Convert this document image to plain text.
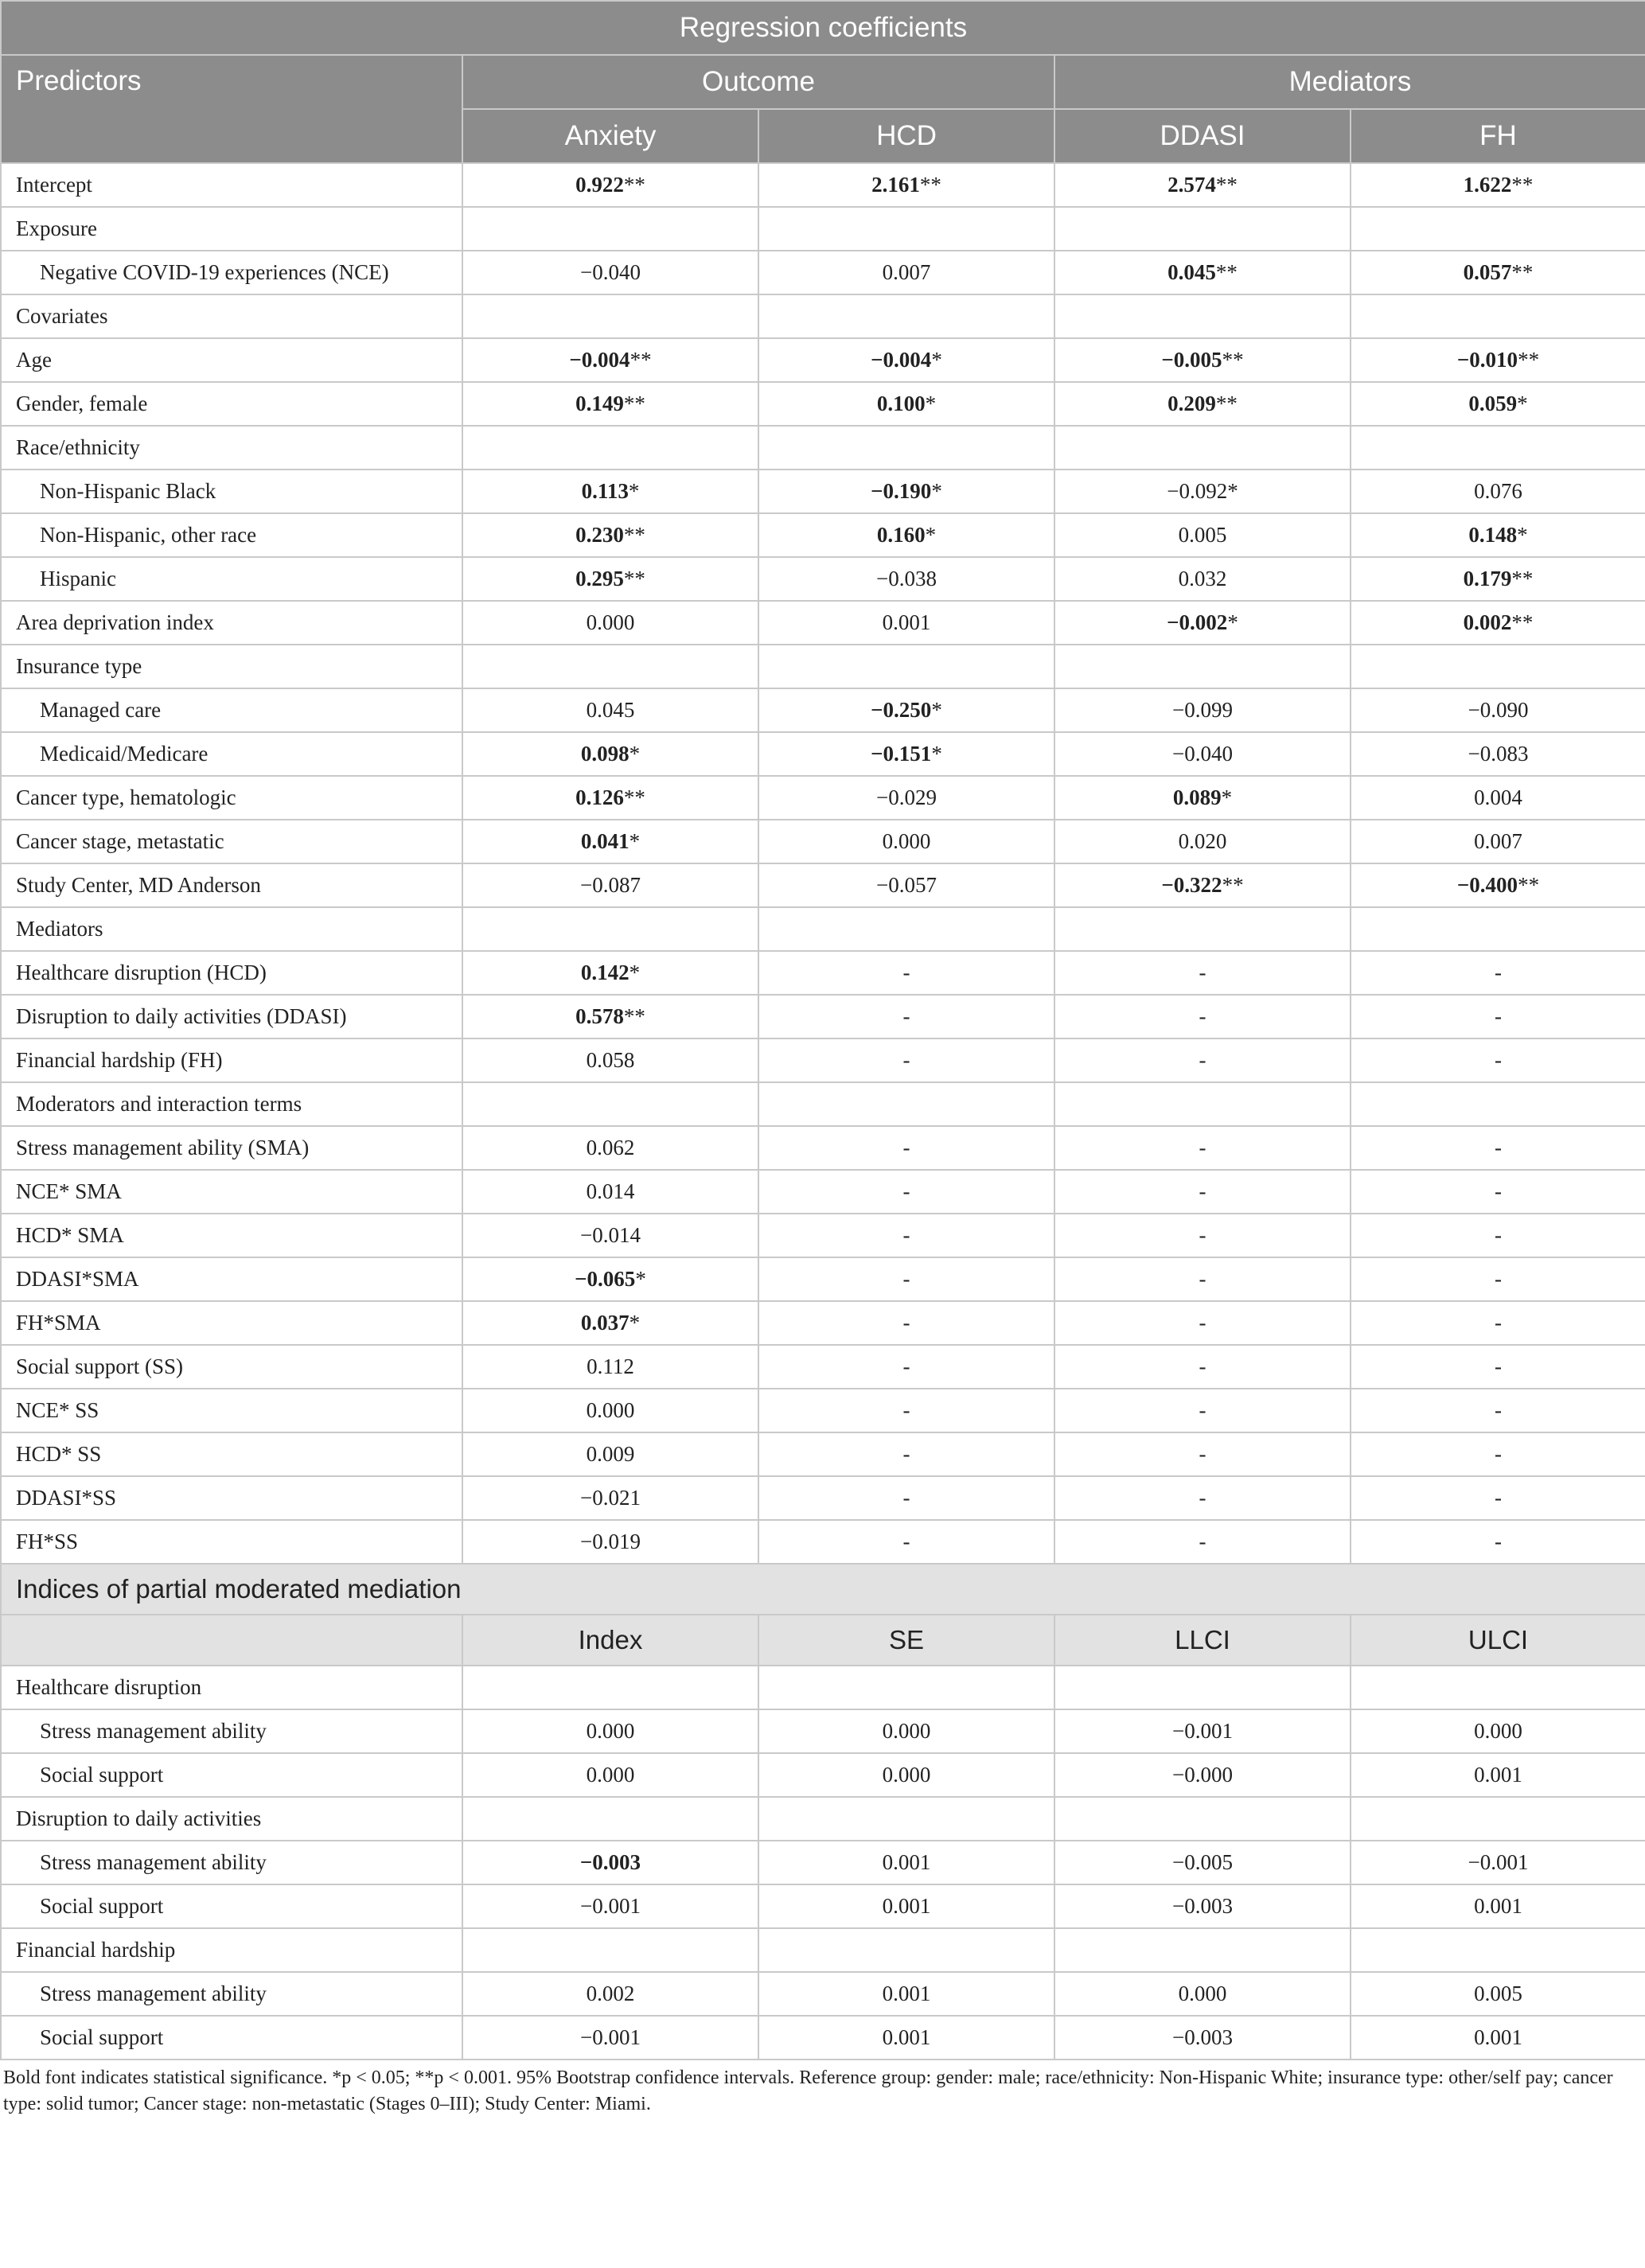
Regression coefficients				
Predictors	Outcome		Mediators	
	Anxiety	HCD	DDASI	FH
Intercept	0.922**	2.161**	2.574**	1.622**
Exposure				
Negative COVID-19 experiences (NCE)	−0.040	0.007	0.045**	0.057**
Covariates				
Age	−0.004**	−0.004*	−0.005**	−0.010**
Gender, female	0.149**	0.100*	0.209**	0.059*
Race/ethnicity				
Non-Hispanic Black	0.113*	−0.190*	−0.092*	0.076
Non-Hispanic, other race	0.230**	0.160*	0.005	0.148*
Hispanic	0.295**	−0.038	0.032	0.179**
Area deprivation index	0.000	0.001	−0.002*	0.002**
Insurance type				
Managed care	0.045	−0.250*	−0.099	−0.090
Medicaid/Medicare	0.098*	−0.151*	−0.040	−0.083
Cancer type, hematologic	0.126**	−0.029	0.089*	0.004
Cancer stage, metastatic	0.041*	0.000	0.020	0.007
Study Center, MD Anderson	−0.087	−0.057	−0.322**	−0.400**
Mediators				
Healthcare disruption (HCD)	0.142*	-	-	-
Disruption to daily activities (DDASI)	0.578**	-	-	-
Financial hardship (FH)	0.058	-	-	-
Moderators and interaction terms				
Stress management ability (SMA)	0.062	-	-	-
NCE* SMA	0.014	-	-	-
HCD* SMA	−0.014	-	-	-
DDASI*SMA	−0.065*	-	-	-
FH*SMA	0.037*	-	-	-
Social support (SS)	0.112	-	-	-
NCE* SS	0.000	-	-	-
HCD* SS	0.009	-	-	-
DDASI*SS	−0.021	-	-	-
FH*SS	−0.019	-	-	-
Indices of partial moderated mediation				
	Index	SE	LLCI	ULCI
Healthcare disruption				
Stress management ability	0.000	0.000	−0.001	0.000
Social support	0.000	0.000	−0.000	0.001
Disruption to daily activities				
Stress management ability	−0.003	0.001	−0.005	−0.001
Social support	−0.001	0.001	−0.003	0.001
Financial hardship				
Stress management ability	0.002	0.001	0.000	0.005
Social support	−0.001	0.001	−0.003	0.001
Bold font indicates statistical significance. *p < 0.05; **p < 0.001. 95% Bootstrap confidence intervals. Reference group: gender: male; race/ethnicity: Non-Hispanic White; insurance type: other/self pay; cancer type: solid tumor; Cancer stage: non-metastatic (Stages 0–III); Study Center: Miami.
